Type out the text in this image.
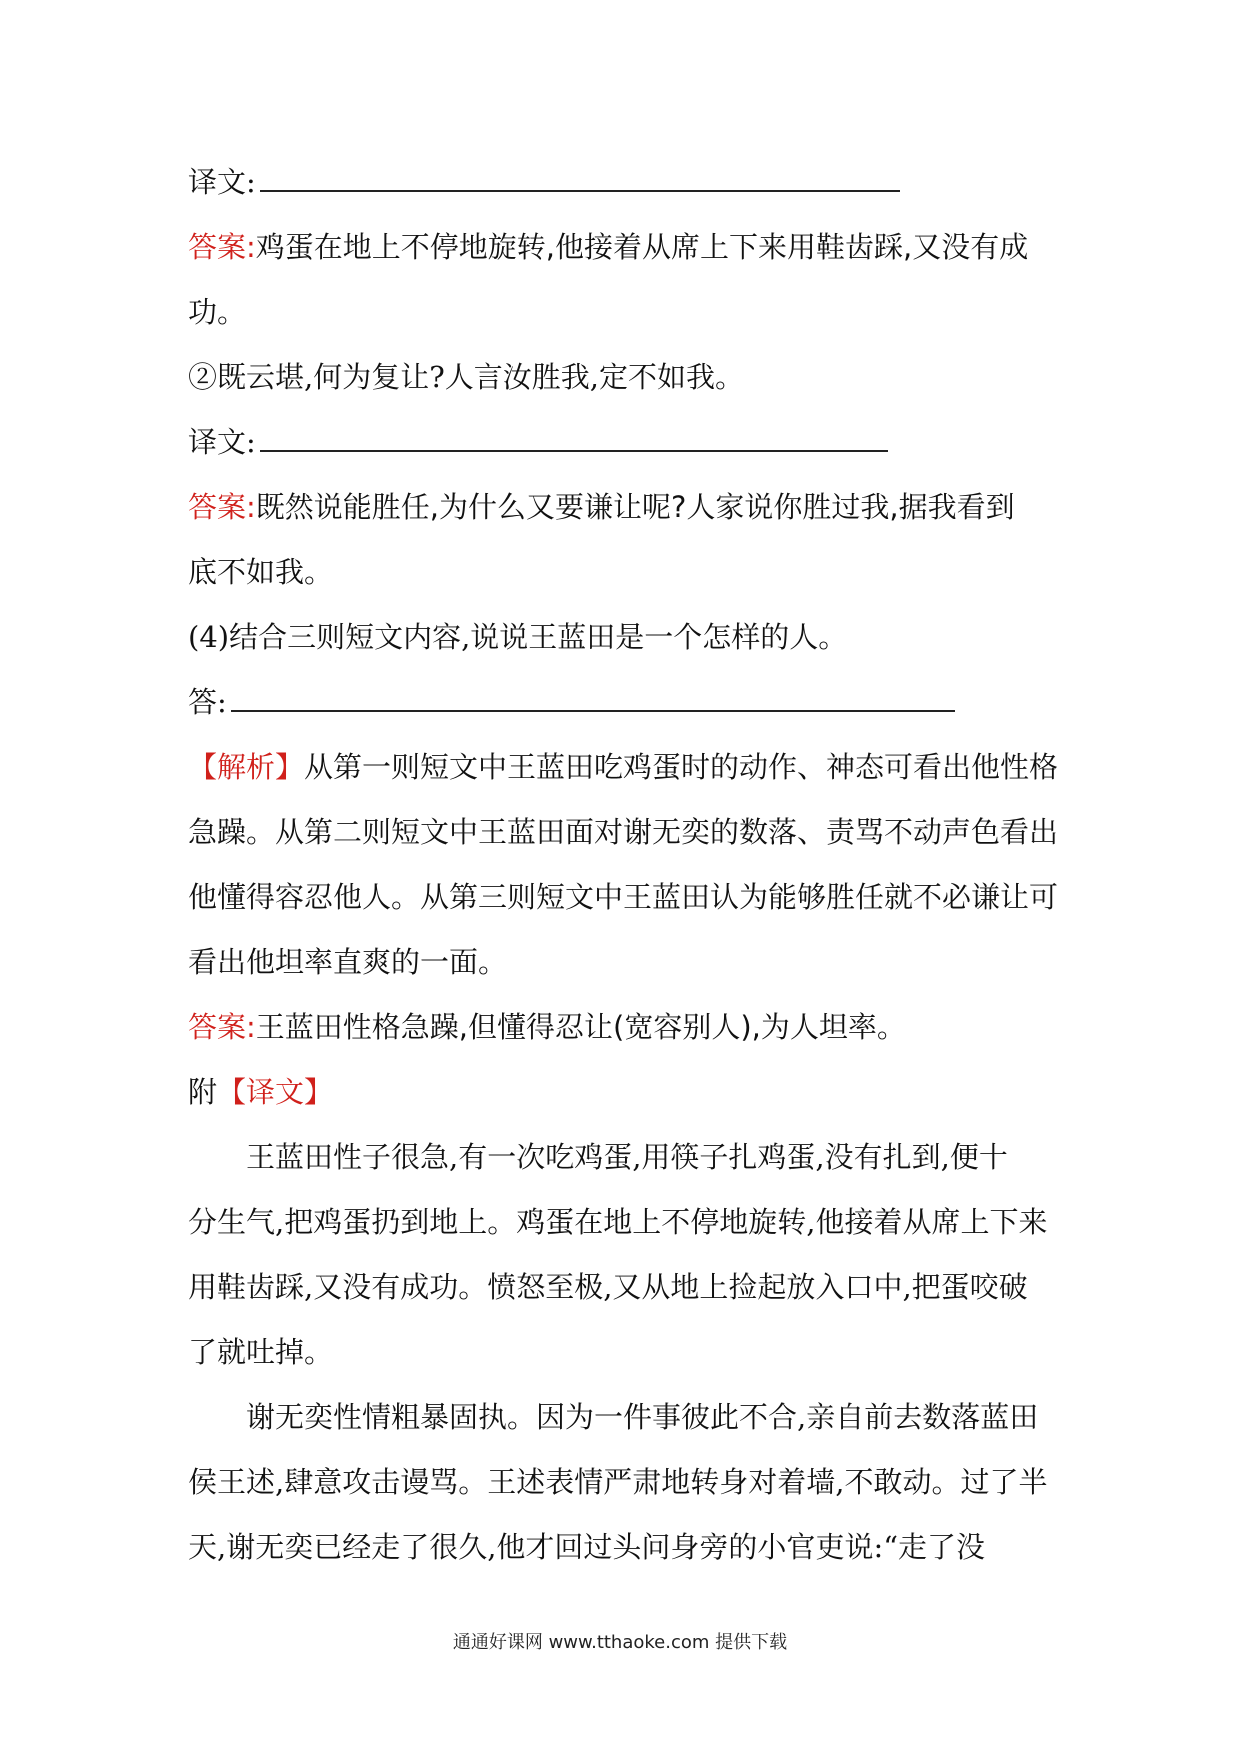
译文:
答案:鸡蛋在地上不停地旋转,他接着从席上下来用鞋齿踩,又没有成
功。
②既云堪,何为复让?人言汝胜我,定不如我。
译文:
答案:既然说能胜任,为什么又要谦让呢?人家说你胜过我,据我看到
底不如我。
(4)结合三则短文内容,说说王蓝田是一个怎样的人。
答:
【解析】从第一则短文中王蓝田吃鸡蛋时的动作、神态可看出他性格
急躁。从第二则短文中王蓝田面对谢无奕的数落、责骂不动声色看出
他懂得容忍他人。从第三则短文中王蓝田认为能够胜任就不必谦让可
看出他坦率直爽的一面。
答案:王蓝田性格急躁,但懂得忍让(宽容别人),为人坦率。
附【译文】
王蓝田性子很急,有一次吃鸡蛋,用筷子扎鸡蛋,没有扎到,便十
分生气,把鸡蛋扔到地上。鸡蛋在地上不停地旋转,他接着从席上下来
用鞋齿踩,又没有成功。愤怒至极,又从地上捡起放入口中,把蛋咬破
了就吐掉。
谢无奕性情粗暴固执。因为一件事彼此不合,亲自前去数落蓝田
侯王述,肆意攻击谩骂。王述表情严肃地转身对着墙,不敢动。过了半
天,谢无奕已经走了很久,他才回过头问身旁的小官吏说:“走了没
通通好课网 www.tthaoke.com 提供下载
